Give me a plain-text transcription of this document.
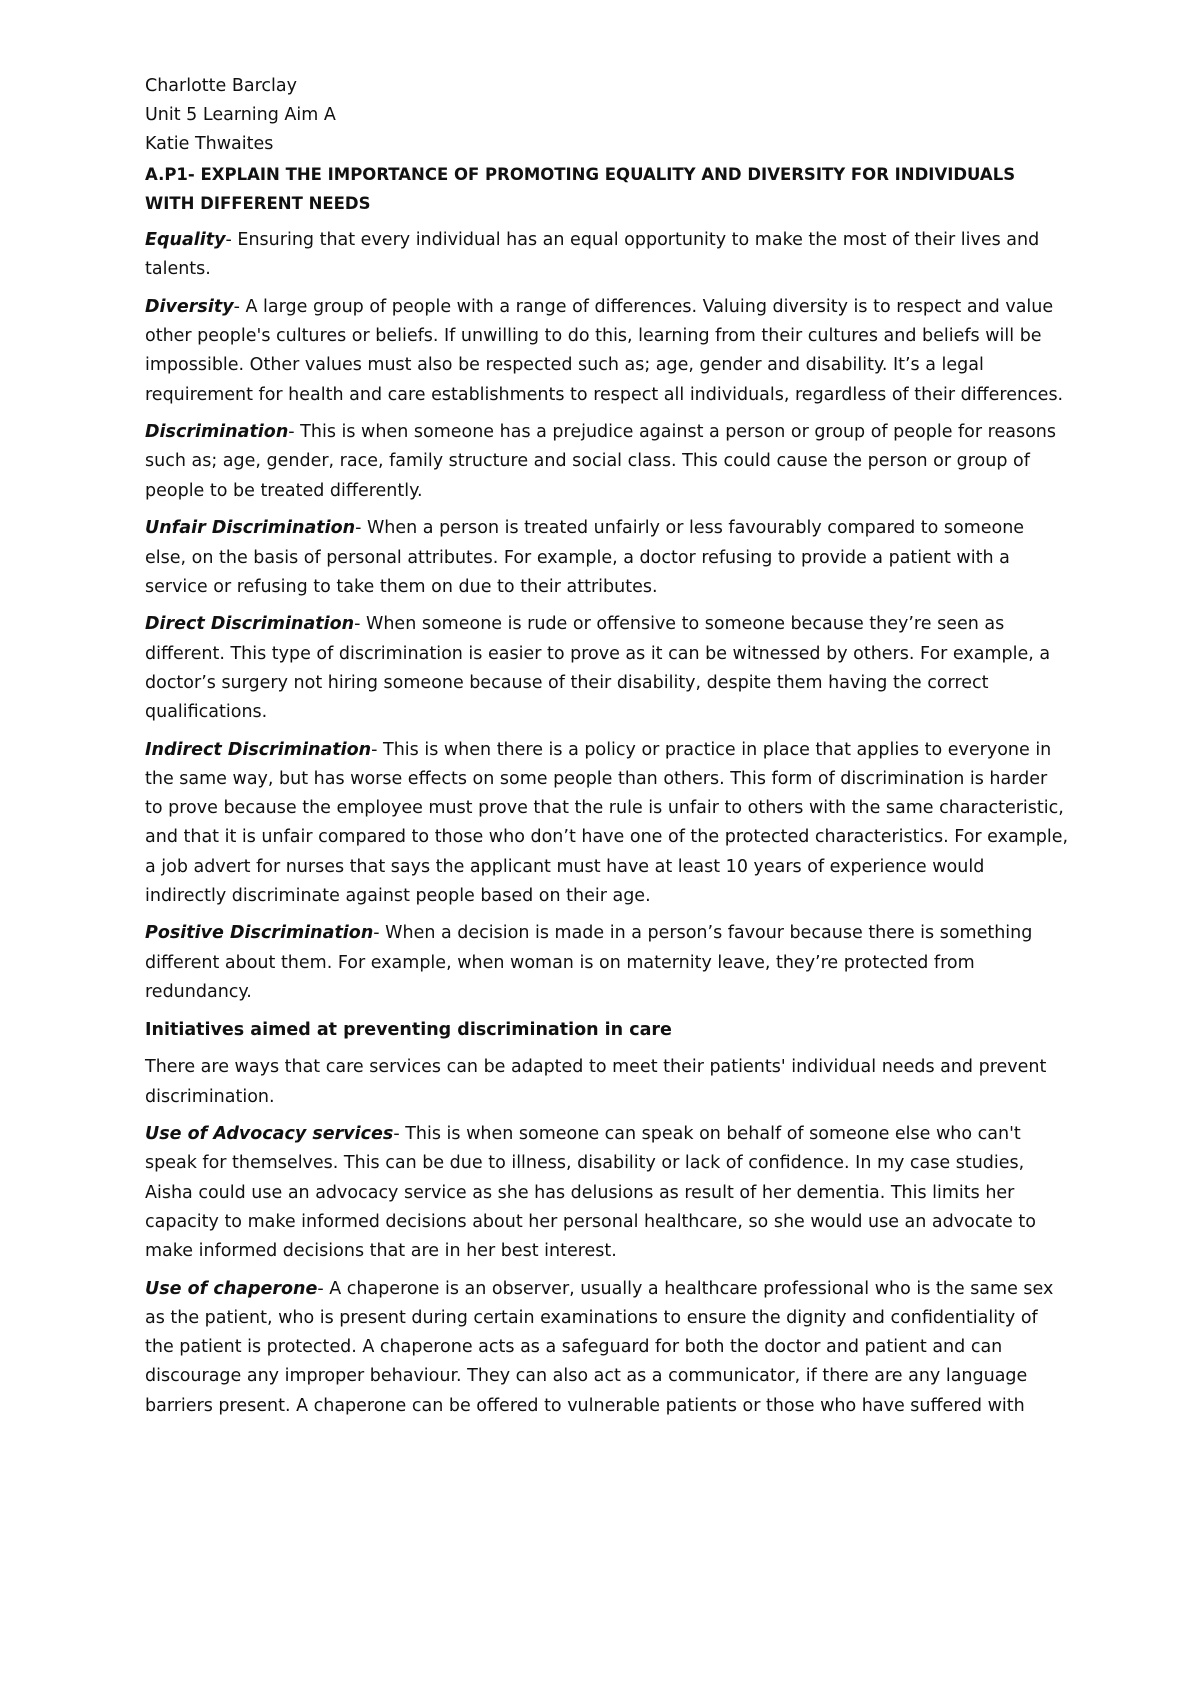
Charlotte Barclay
Unit 5 Learning Aim A
Katie Thwaites
A.P1- EXPLAIN THE IMPORTANCE OF PROMOTING EQUALITY AND DIVERSITY FOR INDIVIDUALS WITH DIFFERENT NEEDS

Equality- Ensuring that every individual has an equal opportunity to make the most of their lives and talents.

Diversity- A large group of people with a range of differences. Valuing diversity is to respect and value other people's cultures or beliefs. If unwilling to do this, learning from their cultures and beliefs will be impossible. Other values must also be respected such as; age, gender and disability. It’s a legal requirement for health and care establishments to respect all individuals, regardless of their differences.

Discrimination- This is when someone has a prejudice against a person or group of people for reasons such as; age, gender, race, family structure and social class. This could cause the person or group of people to be treated differently.

Unfair Discrimination- When a person is treated unfairly or less favourably compared to someone else, on the basis of personal attributes. For example, a doctor refusing to provide a patient with a service or refusing to take them on due to their attributes.

Direct Discrimination- When someone is rude or offensive to someone because they’re seen as different. This type of discrimination is easier to prove as it can be witnessed by others. For example, a doctor’s surgery not hiring someone because of their disability, despite them having the correct qualifications.

Indirect Discrimination- This is when there is a policy or practice in place that applies to everyone in the same way, but has worse effects on some people than others. This form of discrimination is harder to prove because the employee must prove that the rule is unfair to others with the same characteristic, and that it is unfair compared to those who don’t have one of the protected characteristics. For example, a job advert for nurses that says the applicant must have at least 10 years of experience would indirectly discriminate against people based on their age.

Positive Discrimination- When a decision is made in a person’s favour because there is something different about them. For example, when woman is on maternity leave, they’re protected from redundancy.

Initiatives aimed at preventing discrimination in care

There are ways that care services can be adapted to meet their patients' individual needs and prevent discrimination.

Use of Advocacy services- This is when someone can speak on behalf of someone else who can't speak for themselves. This can be due to illness, disability or lack of confidence. In my case studies, Aisha could use an advocacy service as she has delusions as result of her dementia. This limits her capacity to make informed decisions about her personal healthcare, so she would use an advocate to make informed decisions that are in her best interest.

Use of chaperone- A chaperone is an observer, usually a healthcare professional who is the same sex as the patient, who is present during certain examinations to ensure the dignity and confidentiality of the patient is protected. A chaperone acts as a safeguard for both the doctor and patient and can discourage any improper behaviour. They can also act as a communicator, if there are any language barriers present. A chaperone can be offered to vulnerable patients or those who have suffered with
